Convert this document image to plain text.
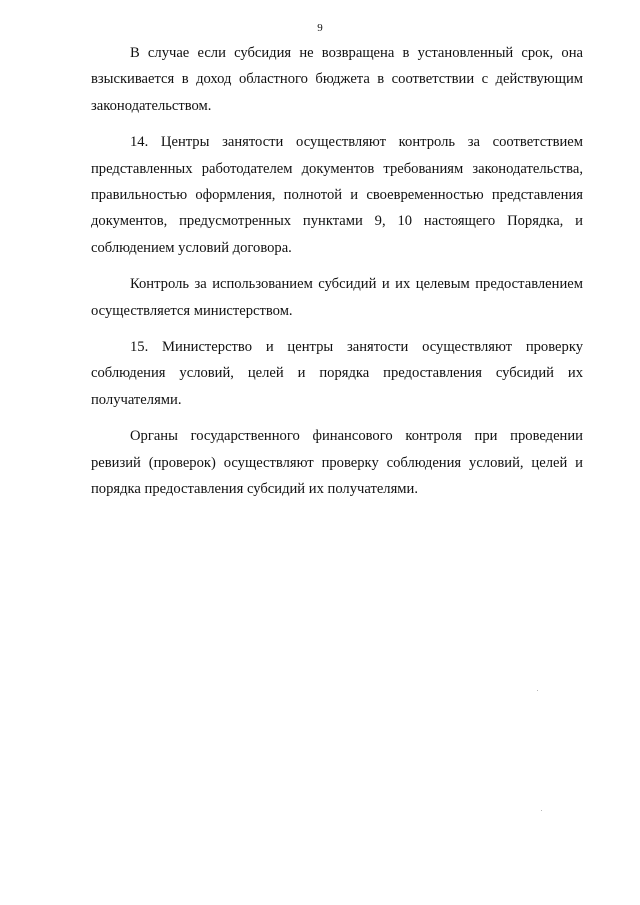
9

В случае если субсидия не возвращена в установленный срок, она взыскивается в доход областного бюджета в соответствии с действующим законодательством.

14. Центры занятости осуществляют контроль за соответствием представленных работодателем документов требованиям законодательства, правильностью оформления, полнотой и своевременностью представления документов, предусмотренных пунктами 9, 10 настоящего Порядка, и соблюдением условий договора.

Контроль за использованием субсидий и их целевым предоставлением осуществляется министерством.

15. Министерство и центры занятости осуществляют проверку соблюдения условий, целей и порядка предоставления субсидий их получателями.

Органы государственного финансового контроля при проведении ревизий (проверок) осуществляют проверку соблюдения условий, целей и порядка предоставления субсидий их получателями.
